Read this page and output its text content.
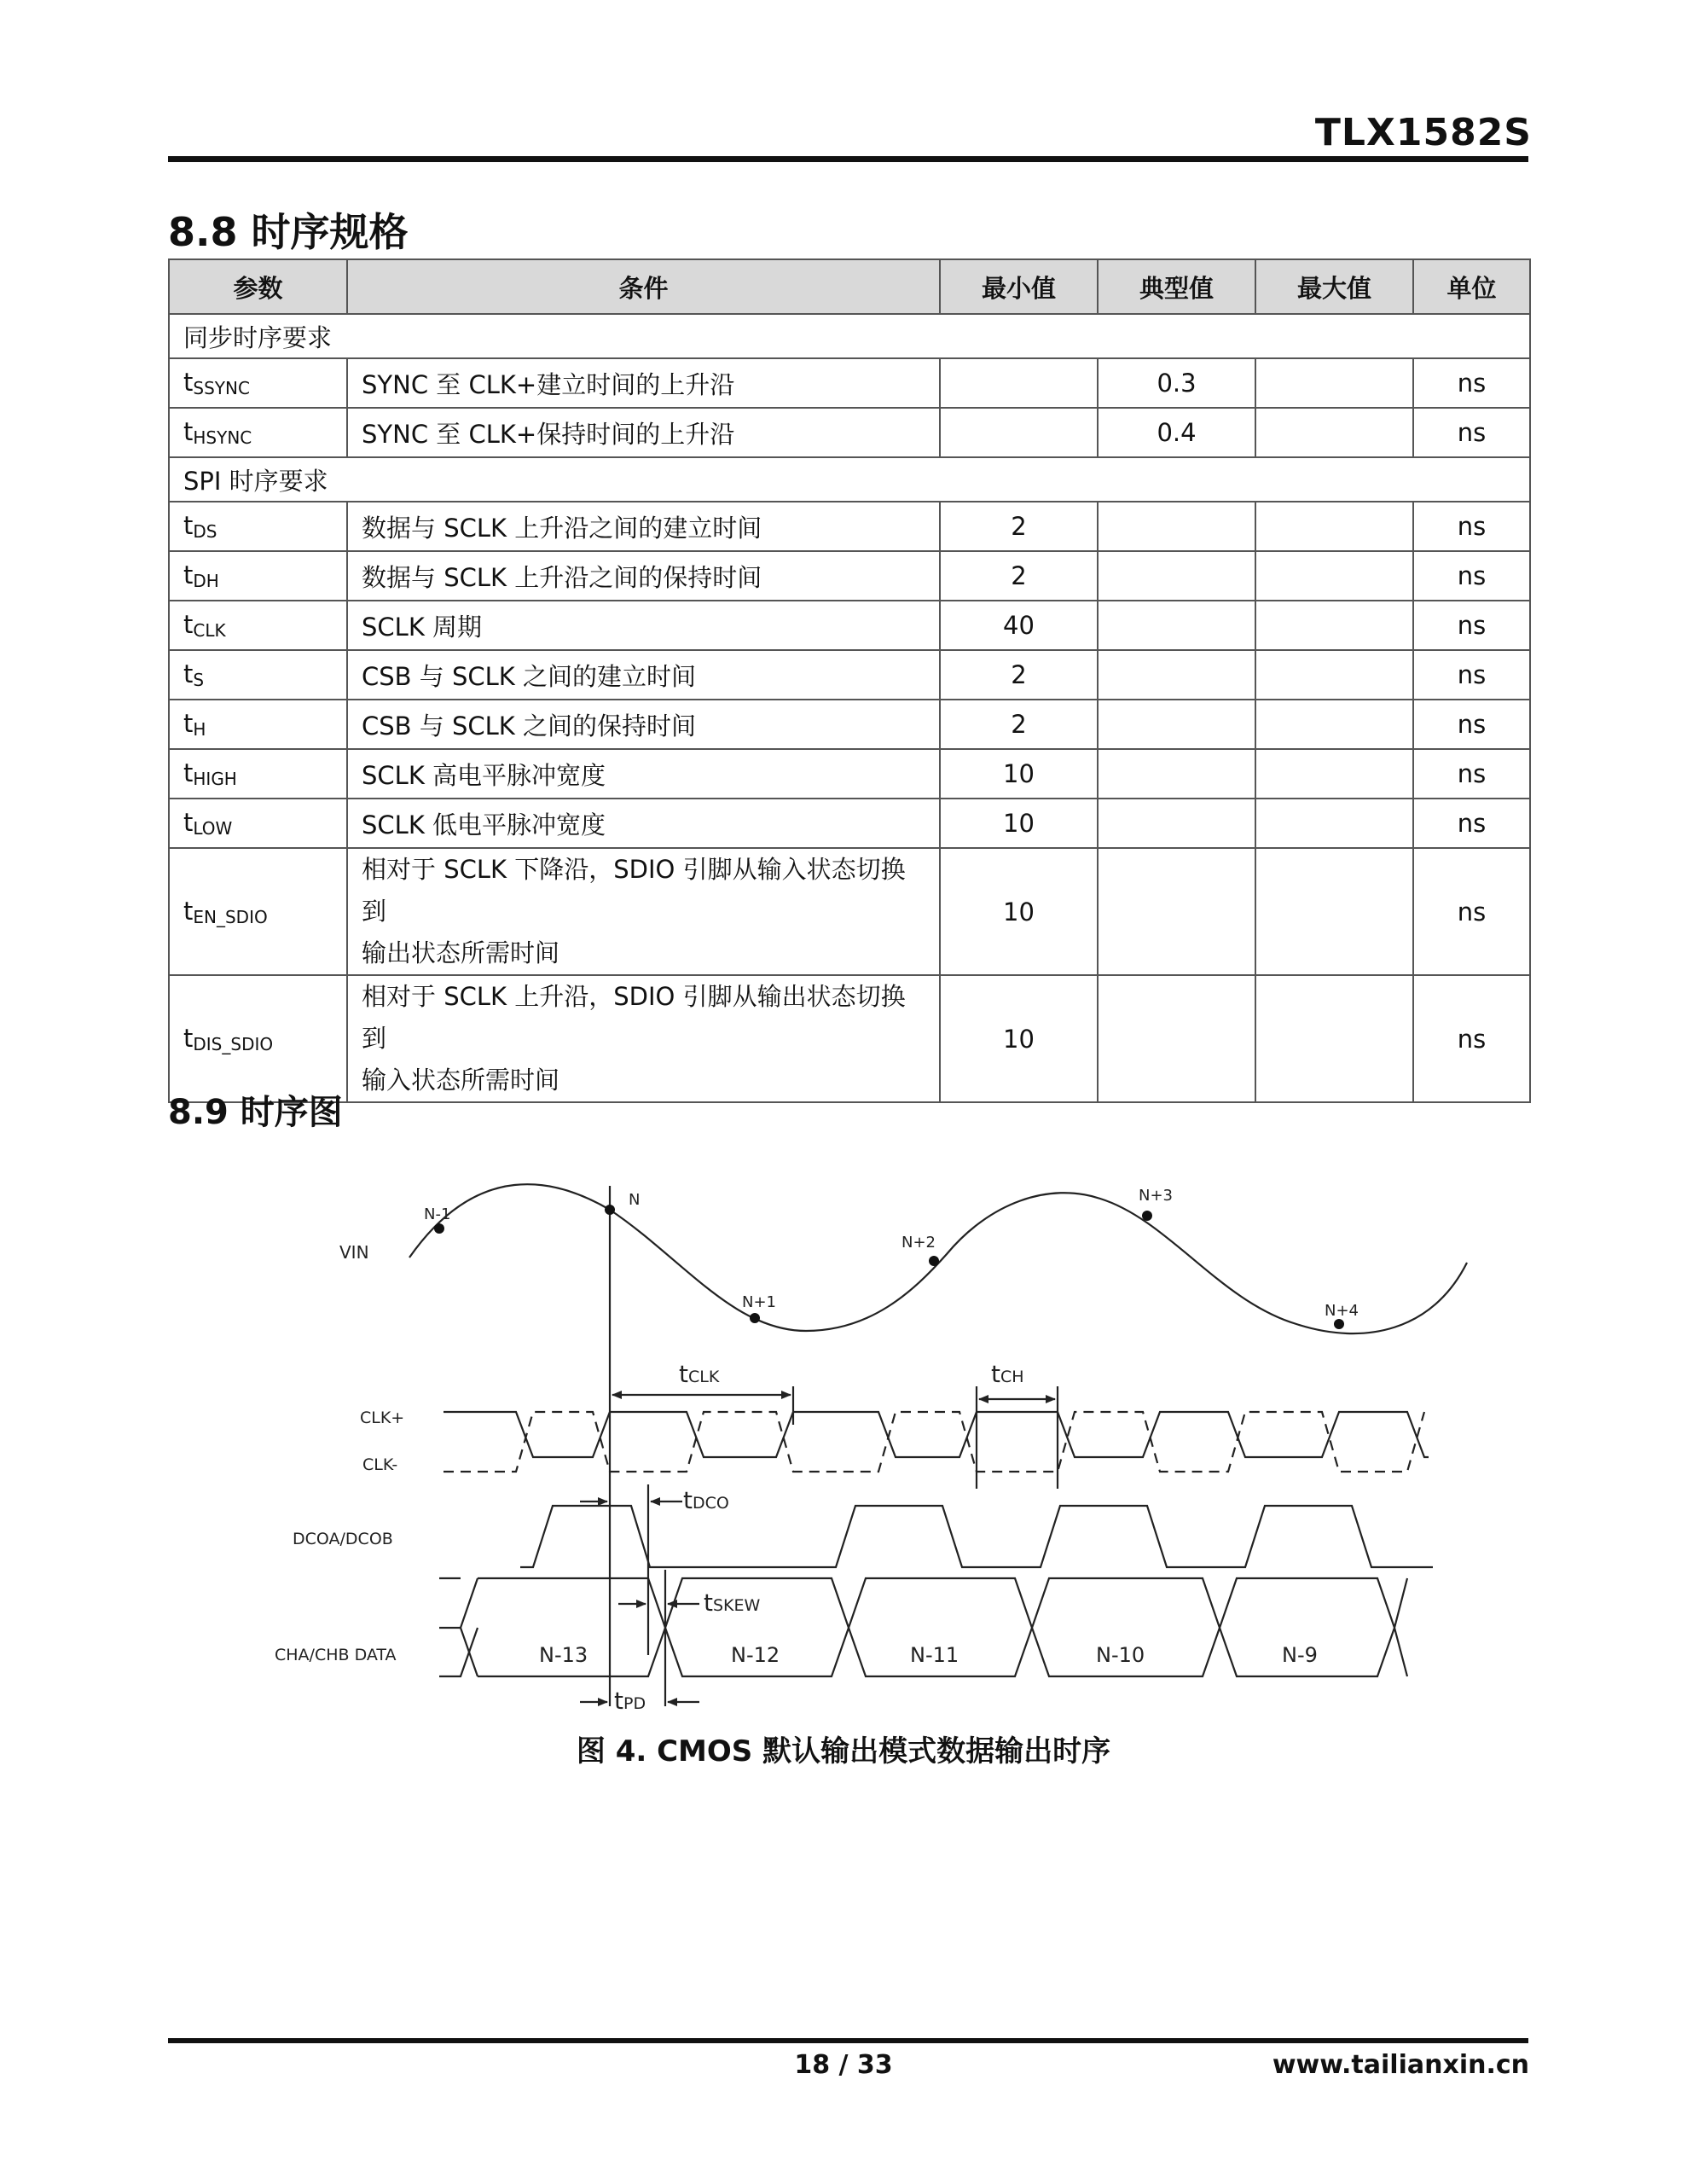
TLX1582S
8.8 时序规格
参数	条件	最小值	典型值	最大值	单位
同步时序要求					
tSSYNC	SYNC 至 CLK+建立时间的上升沿		0.3		ns
tHSYNC	SYNC 至 CLK+保持时间的上升沿		0.4		ns
SPI 时序要求					
tDS	数据与 SCLK 上升沿之间的建立时间	2			ns
tDH	数据与 SCLK 上升沿之间的保持时间	2			ns
tCLK	SCLK 周期	40			ns
tS	CSB 与 SCLK 之间的建立时间	2			ns
tH	CSB 与 SCLK 之间的保持时间	2			ns
tHIGH	SCLK 高电平脉冲宽度	10			ns
tLOW	SCLK 低电平脉冲宽度	10			ns
tEN_SDIO	相对于 SCLK 下降沿，SDIO 引脚从输入状态切换到
输出状态所需时间	10			ns
tDIS_SDIO	相对于 SCLK 上升沿，SDIO 引脚从输出状态切换到
输入状态所需时间	10			ns
8.9 时序图
VIN
CLK+
CLK-
DCOA/DCOB
CHA/CHB DATA
N-1
N
N+1
N+2
N+3
N+4
tCLK	tCH
tDCO
tSKEW
tPD
N-13	N-12	N-11	N-10	N-9
图 4. CMOS 默认输出模式数据输出时序
18 / 33	www.tailianxin.cn
